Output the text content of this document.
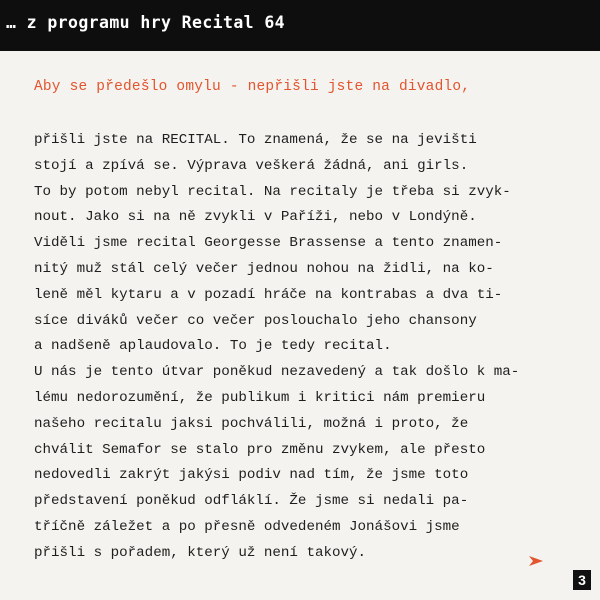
… z programu hry Recital 64
Aby se předešlo omylu - nepřišli jste na divadlo,
přišli jste na RECITAL. To znamená, že se na jevišti
stojí a zpívá se. Výprava veškerá žádná, ani girls.
To by potom nebyl recital. Na recitaly je třeba si zvyk-
nout. Jako si na ně zvykli v Paříži, nebo v Londýně.
Viděli jsme recital Georgesse Brassense a tento znamen-
nitý muž stál celý večer jednou nohou na židli, na ko-
leně měl kytaru a v pozadí hráče na kontrabas a dva ti-
síce diváků večer co večer poslouchalo jeho chansony
a nadšeně aplaudovalo. To je tedy recital.
U nás je tento útvar poněkud nezavedený a tak došlo k ma-
lému nedorozumění, že publikum i kritici nám premieru
našeho recitalu jaksi pochválili, možná i proto, že
chválit Semafor se stalo pro změnu zvykem, ale přesto
nedovedli zakrýt jakýsi podiv nad tím, že jsme toto
představení poněkud odfláklí. Že jsme si nedali pa-
tříčně záležet a po přesně odvedeném Jonášovi jsme
přišli s pořadem, který už není takový.
3
